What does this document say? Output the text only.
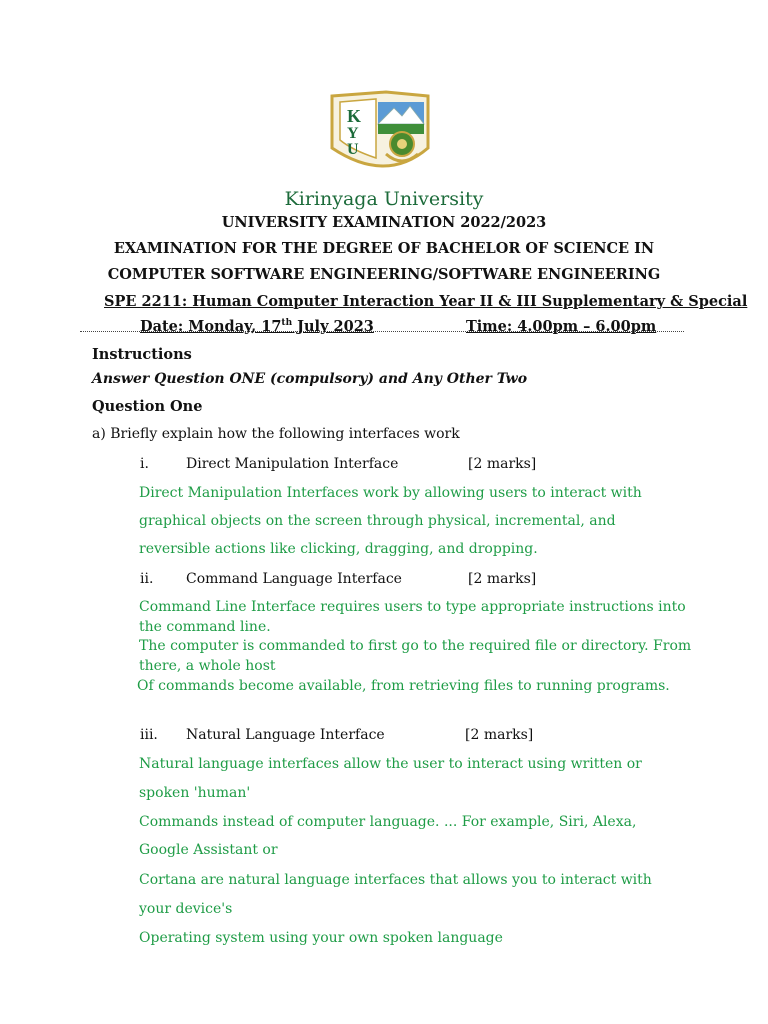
K
Y
U
Kirinyaga University
UNIVERSITY EXAMINATION 2022/2023
EXAMINATION FOR THE DEGREE OF BACHELOR OF SCIENCE IN
COMPUTER SOFTWARE ENGINEERING/SOFTWARE ENGINEERING
SPE 2211: Human Computer Interaction Year II & III Supplementary & Special
Date: Monday, 17th July 2023	Time: 4.00pm – 6.00pm
Instructions
Answer Question ONE (compulsory) and Any Other Two
Question One
a) Briefly explain how the following interfaces work
i.	Direct Manipulation Interface	[2 marks]
Direct Manipulation Interfaces work by allowing users to interact with
graphical objects on the screen through physical, incremental, and
reversible actions like clicking, dragging, and dropping.
ii. Command Language Interface	[2 marks]
Command Line Interface requires users to type appropriate instructions into
the command line.
The computer is commanded to first go to the required file or directory. From
there, a whole host
Of commands become available, from retrieving files to running programs.
iii. Natural Language Interface	[2 marks]
Natural language interfaces allow the user to interact using written or
spoken 'human'
Commands instead of computer language. ... For example, Siri, Alexa,
Google Assistant or
Cortana are natural language interfaces that allows you to interact with
your device's
Operating system using your own spoken language
